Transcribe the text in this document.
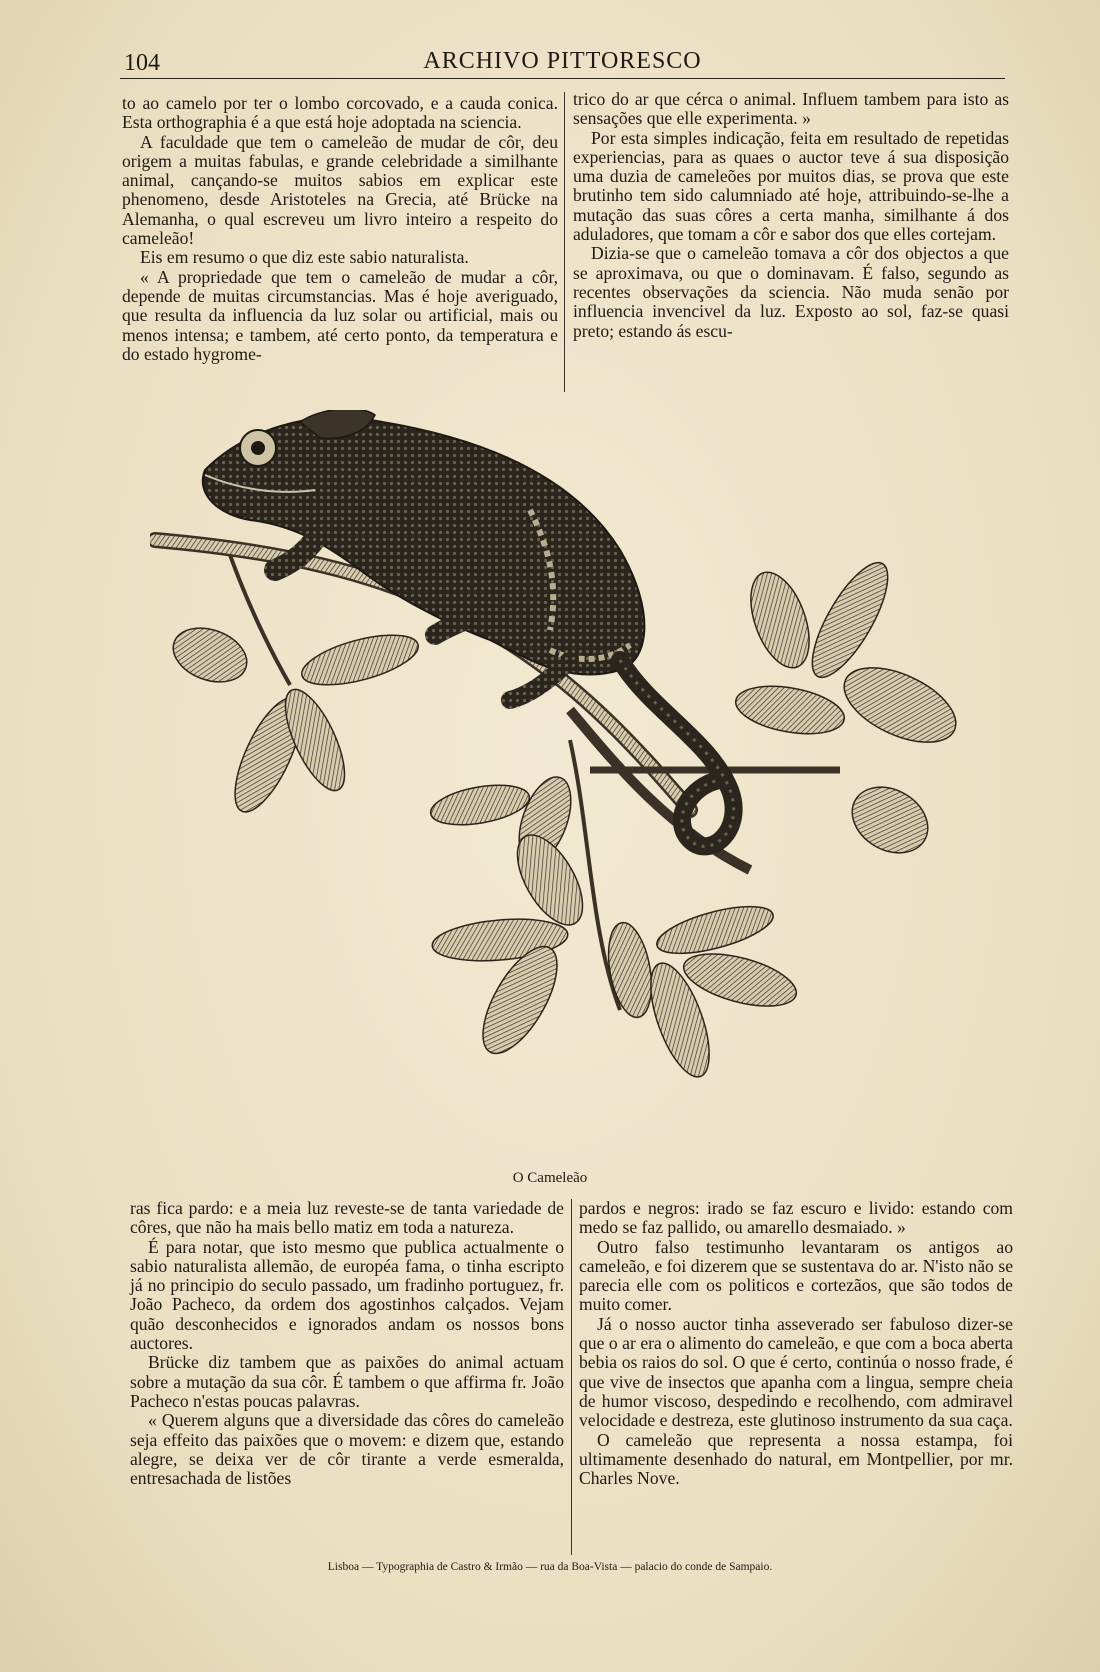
104	ARCHIVO PITTORESCO

to ao camelo por ter o lombo corcovado, e a cauda conica. Esta orthographia é a que está hoje adoptada na sciencia.

A faculdade que tem o cameleão de mudar de côr, deu origem a muitas fabulas, e grande celebridade a similhante animal, cançando-se muitos sabios em explicar este phenomeno, desde Aristoteles na Grecia, até Brücke na Alemanha, o qual escreveu um livro inteiro a respeito do cameleão!

Eis em resumo o que diz este sabio naturalista.

« A propriedade que tem o cameleão de mudar a côr, depende de muitas circumstancias. Mas é hoje averiguado, que resulta da influencia da luz solar ou artificial, mais ou menos intensa; e tambem, até certo ponto, da temperatura e do estado hygrome-

trico do ar que cérca o animal. Influem tambem para isto as sensações que elle experimenta. »

Por esta simples indicação, feita em resultado de repetidas experiencias, para as quaes o auctor teve á sua disposição uma duzia de cameleões por muitos dias, se prova que este brutinho tem sido calumniado até hoje, attribuindo-se-lhe a mutação das suas côres a certa manha, similhante á dos aduladores, que tomam a côr e sabor dos que elles cortejam.

Dizia-se que o cameleão tomava a côr dos objectos a que se aproximava, ou que o dominavam. É falso, segundo as recentes observações da sciencia. Não muda senão por influencia invencivel da luz. Exposto ao sol, faz-se quasi preto; estando ás escu-

O Cameleão

ras fica pardo: e a meia luz reveste-se de tanta variedade de côres, que não ha mais bello matiz em toda a natureza.

É para notar, que isto mesmo que publica actualmente o sabio naturalista allemão, de européa fama, o tinha escripto já no principio do seculo passado, um fradinho portuguez, fr. João Pacheco, da ordem dos agostinhos calçados. Vejam quão desconhecidos e ignorados andam os nossos bons auctores.

Brücke diz tambem que as paixões do animal actuam sobre a mutação da sua côr. É tambem o que affirma fr. João Pacheco n'estas poucas palavras.

« Querem alguns que a diversidade das côres do cameleão seja effeito das paixões que o movem: e dizem que, estando alegre, se deixa ver de côr tirante a verde esmeralda, entresachada de listões

pardos e negros: irado se faz escuro e livido: estando com medo se faz pallido, ou amarello desmaiado. »

Outro falso testimunho levantaram os antigos ao cameleão, e foi dizerem que se sustentava do ar. N'isto não se parecia elle com os politicos e cortezãos, que são todos de muito comer.

Já o nosso auctor tinha asseverado ser fabuloso dizer-se que o ar era o alimento do cameleão, e que com a boca aberta bebia os raios do sol. O que é certo, continúa o nosso frade, é que vive de insectos que apanha com a lingua, sempre cheia de humor viscoso, despedindo e recolhendo, com admiravel velocidade e destreza, este glutinoso instrumento da sua caça.

O cameleão que representa a nossa estampa, foi ultimamente desenhado do natural, em Montpellier, por mr. Charles Nove.

Lisboa — Typographia de Castro & Irmão — rua da Boa-Vista — palacio do conde de Sampaio.
